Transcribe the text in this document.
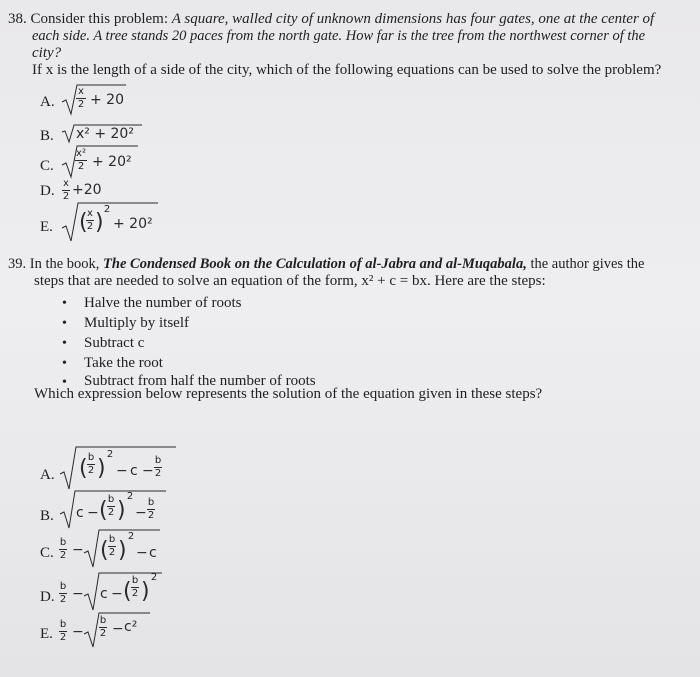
38. Consider this problem: A square, walled city of unknown dimensions has four gates, one at the center of
each side. A tree stands 20 paces from the north gate. How far is the tree from the northwest corner of the
city?
If x is the length of a side of the city, which of the following equations can be used to solve the problem?
A.
x
2 + 20
B. x² + 20²
C.
x²
2 + 20²
D. x
2 +20
E. ( x
2 )
2
+ 20²
39. In the book, The Condensed Book on the Calculation of al-Jabra and al-Muqabala, the author gives the
steps that are needed to solve an equation of the form, x² + c = bx. Here are the steps:
• Halve the number of roots
• Multiply by itself
• Subtract c
• Take the root
• Subtract from half the number of roots
Which expression below represents the solution of the equation given in these steps?
A. ( b
2 )
2
− c −
b
2
B. c − ( b
2 )
2
−
b
2
C.
b
2 − ( b
2 )
2
− c
D.
b
2 − c − ( b
2 )
2
E.
b
2 −
b
2 − c²
